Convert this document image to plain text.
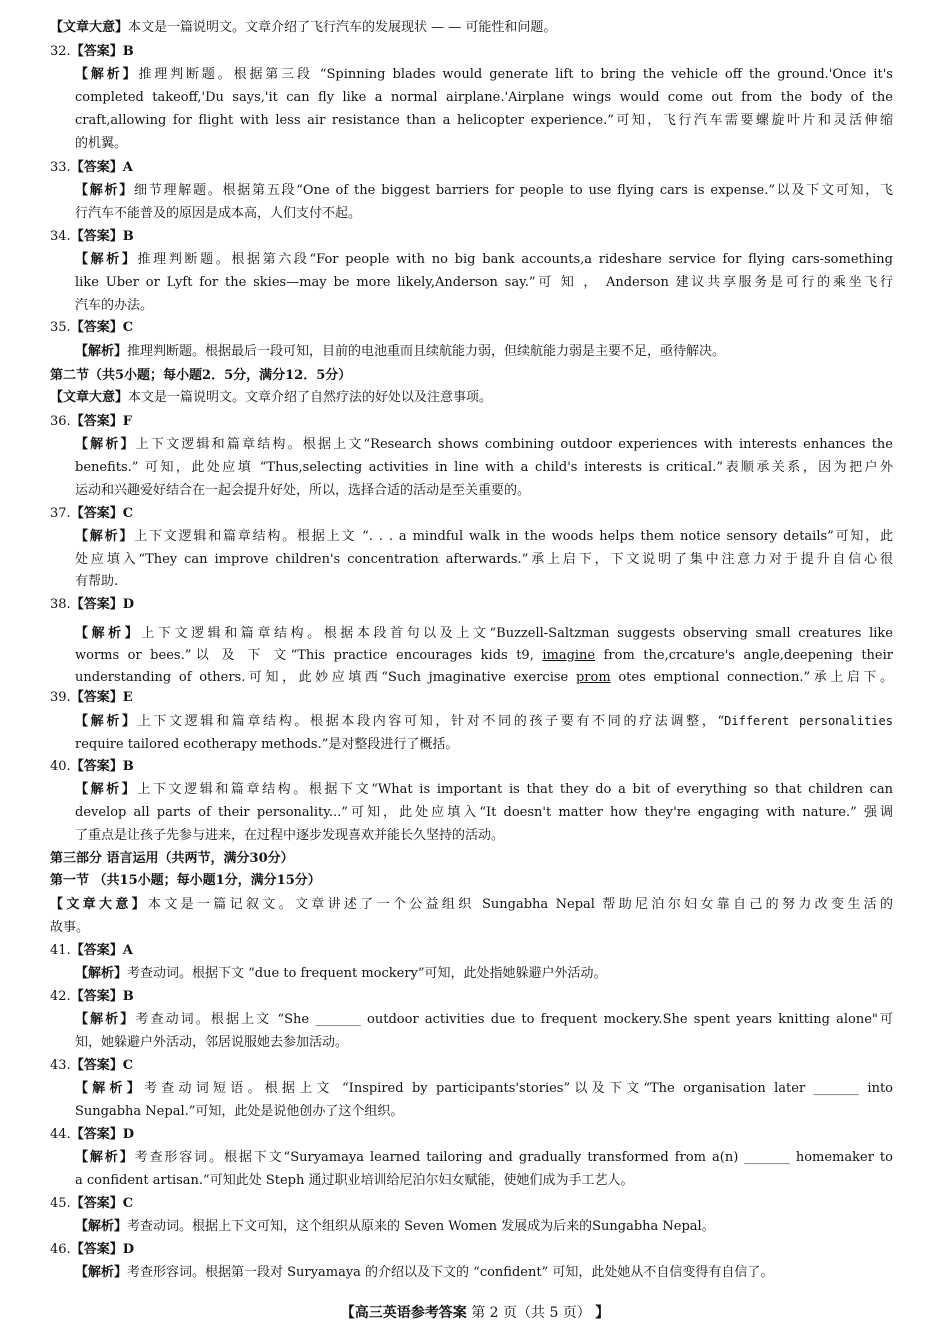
【文章大意】本文是一篇说明文。文章介绍了飞行汽车的发展现状 — — 可能性和问题。
32.【答案】B
【解析】推理判断题。根据第三段 “Spinning blades would generate lift to bring the vehicle off the ground.'Once it's
completed takeoff,'Du says,'it can fly like a normal airplane.'Airplane wings would come out from the body of the
craft,allowing for flight with less air resistance than a helicopter experience.”可知，飞行汽车需要螺旋叶片和灵活伸缩
的机翼。
33.【答案】A
【解析】细节理解题。根据第五段“One of the biggest barriers for people to use flying cars is expense.”以及下文可知，飞
行汽车不能普及的原因是成本高，人们支付不起。
34.【答案】B
【解析】推理判断题。根据第六段“For people with no big bank accounts,a rideshare service for flying cars-something
like Uber or Lyft for the skies—may be more likely,Anderson say.”可 知 ， Anderson 建议共享服务是可行的乘坐飞行
汽车的办法。
35.【答案】C
【解析】推理判断题。根据最后一段可知，目前的电池重而且续航能力弱，但续航能力弱是主要不足，亟待解决。
第二节（共5小题；每小题2．5分，满分12．5分）
【文章大意】本文是一篇说明文。文章介绍了自然疗法的好处以及注意事项。
36.【答案】F
【解析】上下文逻辑和篇章结构。根据上文“Research shows combining outdoor experiences with interests enhances the
benefits.” 可知，此处应填 “Thus,selecting activities in line with a child's interests is critical.”表顺承关系，因为把户外
运动和兴趣爱好结合在一起会提升好处，所以，选择合适的活动是至关重要的。
37.【答案】C
【解析】上下文逻辑和篇章结构。根据上文 “. . . a mindful walk in the woods helps them notice sensory details”可知，此
处应填入“They can improve children's concentration afterwards.”承上启下，下文说明了集中注意力对于提升自信心很
有帮助.
38.【答案】D
【解析】上下文逻辑和篇章结构。根据本段首句以及上文“Buzzell-Saltzman suggests observing small creatures like
worms or bees.”以 及 下 文“This practice encourages kids t9, imagine from the,crcature's angle,deepening their
understanding of others.可知，此妙应填西“Such jmaginative exercise prom otes emptional connection.”承上启下。
39.【答案】E
【解析】上下文逻辑和篇章结构。根据本段内容可知，针对不同的孩子要有不同的疗法调整，“Different personalities
require tailored ecotherapy methods.”是对整段进行了概括。
40.【答案】B
【解析】上下文逻辑和篇章结构。根据下文“What is important is that they do a bit of everything so that children can
develop all parts of their personality...”可知，此处应填入“It doesn't matter how they're engaging with nature.” 强调
了重点是让孩子先参与进来，在过程中逐步发现喜欢并能长久坚持的活动。
第三部分 语言运用（共两节，满分30分）
第一节 （共15小题；每小题1分，满分15分）
【文章大意】本文是一篇记叙文。文章讲述了一个公益组织 Sungabha Nepal 帮助尼泊尔妇女靠自己的努力改变生活的
故事。
41.【答案】A
【解析】考查动词。根据下文 “due to frequent mockery”可知，此处指她躲避户外活动。
42.【答案】B
【解析】考查动词。根据上文 “She _______ outdoor activities due to frequent mockery.She spent years knitting alone"可
知，她躲避户外活动，邻居说服她去参加活动。
43.【答案】C
【解析】考查动词短语。根据上文 “Inspired by participants'stories”以及下文“The organisation later _______ into
Sungabha Nepal.”可知，此处是说他创办了这个组织。
44.【答案】D
【解析】考查形容词。根据下文“Suryamaya learned tailoring and gradually transformed from a(n) _______ homemaker to
a confident artisan.”可知此处 Steph 通过职业培训给尼泊尔妇女赋能，使她们成为手工艺人。
45.【答案】C
【解析】考查动词。根据上下文可知，这个组织从原来的 Seven Women 发展成为后来的Sungabha Nepal。
46.【答案】D
【解析】考查形容词。根据第一段对 Suryamaya 的介绍以及下文的 “confident” 可知，此处她从不自信变得有自信了。
【高三英语参考答案 第 2 页（共 5 页） 】
